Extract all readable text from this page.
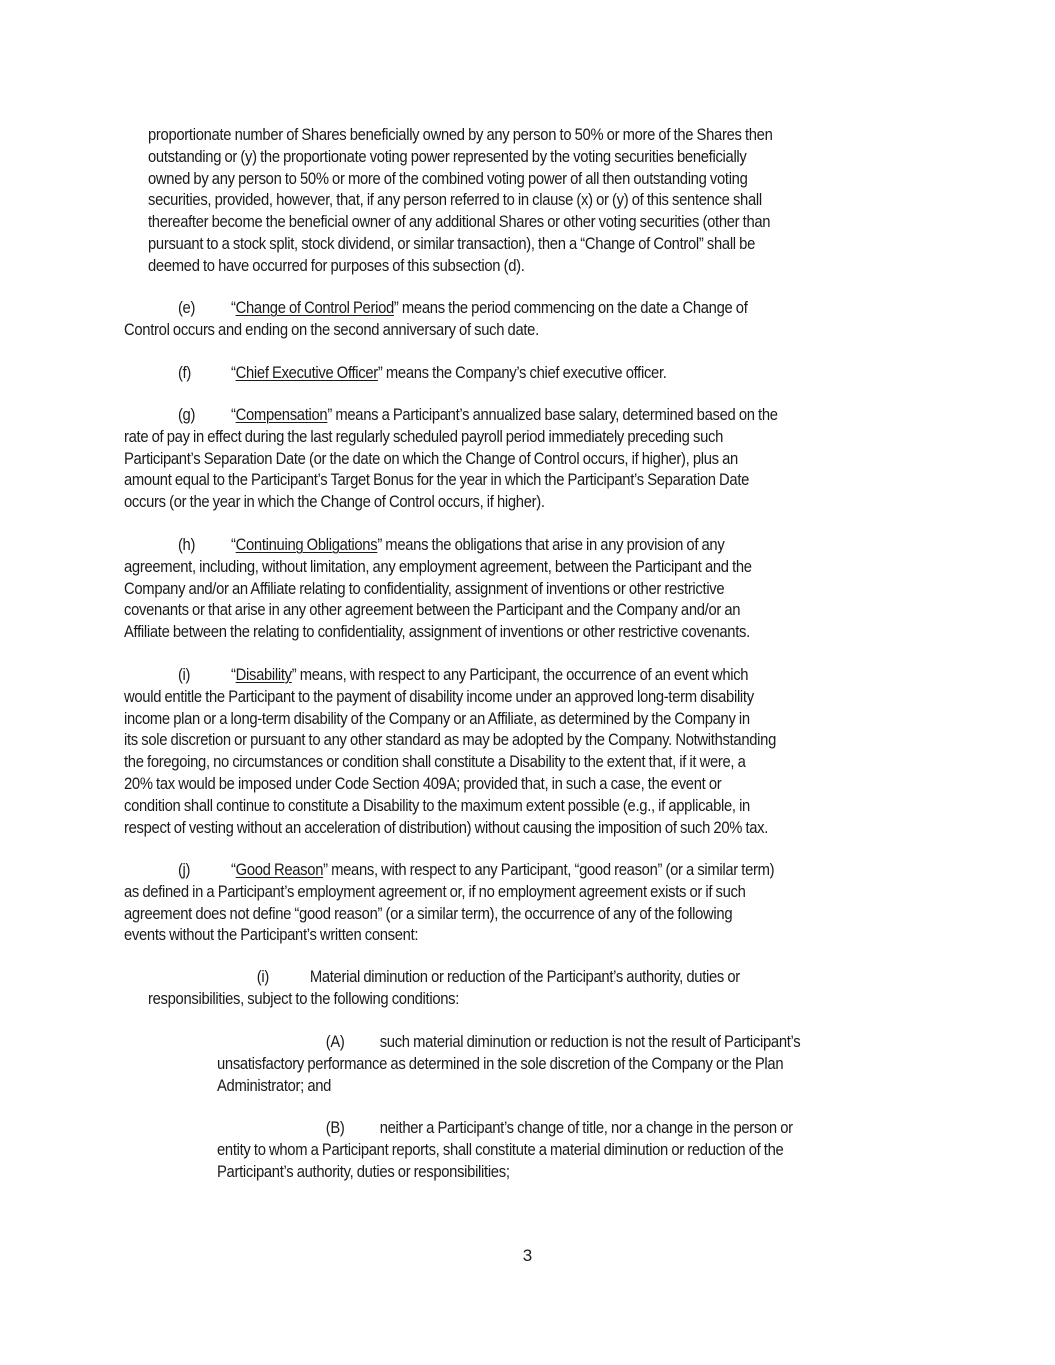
proportionate number of Shares beneficially owned by any person to 50% or more of the Shares then
outstanding or (y) the proportionate voting power represented by the voting securities beneficially
owned by any person to 50% or more of the combined voting power of all then outstanding voting
securities, provided, however, that, if any person referred to in clause (x) or (y) of this sentence shall
thereafter become the beneficial owner of any additional Shares or other voting securities (other than
pursuant to a stock split, stock dividend, or similar transaction), then a “Change of Control” shall be
deemed to have occurred for purposes of this subsection (d).
(e) “Change of Control Period” means the period commencing on the date a Change of
Control occurs and ending on the second anniversary of such date.
(f) “Chief Executive Officer” means the Company’s chief executive officer.
(g) “Compensation” means a Participant’s annualized base salary, determined based on the
rate of pay in effect during the last regularly scheduled payroll period immediately preceding such
Participant’s Separation Date (or the date on which the Change of Control occurs, if higher), plus an
amount equal to the Participant’s Target Bonus for the year in which the Participant’s Separation Date
occurs (or the year in which the Change of Control occurs, if higher).
(h) “Continuing Obligations” means the obligations that arise in any provision of any
agreement, including, without limitation, any employment agreement, between the Participant and the
Company and/or an Affiliate relating to confidentiality, assignment of inventions or other restrictive
covenants or that arise in any other agreement between the Participant and the Company and/or an
Affiliate between the relating to confidentiality, assignment of inventions or other restrictive covenants.
(i) “Disability” means, with respect to any Participant, the occurrence of an event which
would entitle the Participant to the payment of disability income under an approved long-term disability
income plan or a long-term disability of the Company or an Affiliate, as determined by the Company in
its sole discretion or pursuant to any other standard as may be adopted by the Company. Notwithstanding
the foregoing, no circumstances or condition shall constitute a Disability to the extent that, if it were, a
20% tax would be imposed under Code Section 409A; provided that, in such a case, the event or
condition shall continue to constitute a Disability to the maximum extent possible (e.g., if applicable, in
respect of vesting without an acceleration of distribution) without causing the imposition of such 20% tax.
(j) “Good Reason” means, with respect to any Participant, “good reason” (or a similar term)
as defined in a Participant’s employment agreement or, if no employment agreement exists or if such
agreement does not define “good reason” (or a similar term), the occurrence of any of the following
events without the Participant’s written consent:
(i) Material diminution or reduction of the Participant’s authority, duties or
responsibilities, subject to the following conditions:
(A) such material diminution or reduction is not the result of Participant’s
unsatisfactory performance as determined in the sole discretion of the Company or the Plan
Administrator; and
(B) neither a Participant’s change of title, nor a change in the person or
entity to whom a Participant reports, shall constitute a material diminution or reduction of the
Participant’s authority, duties or responsibilities;
3
